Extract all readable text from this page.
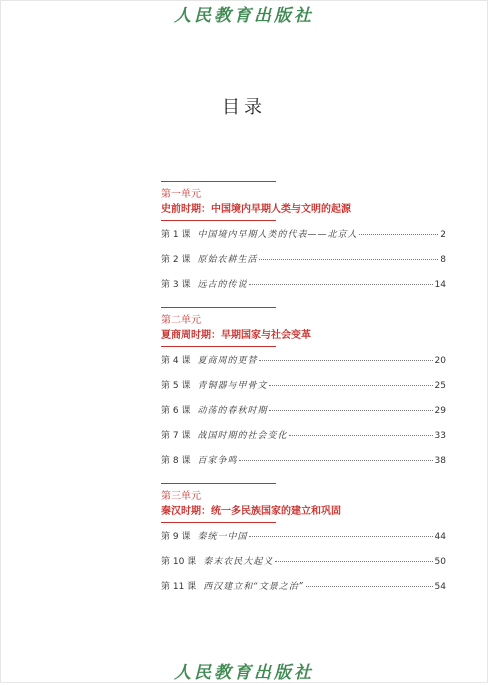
人民教育出版社
目录
第一单元
史前时期：中国境内早期人类与文明的起源
第 1 课 中国境内早期人类的代表——北京人	2
第 2 课 原始农耕生活	8
第 3 课 远古的传说	14
第二单元
夏商周时期：早期国家与社会变革
第 4 课 夏商周的更替	20
第 5 课 青铜器与甲骨文	25
第 6 课 动荡的春秋时期	29
第 7 课 战国时期的社会变化	33
第 8 课 百家争鸣	38
第三单元
秦汉时期：统一多民族国家的建立和巩固
第 9 课 秦统一中国	44
第 10 课 秦末农民大起义	50
第 11 课 西汉建立和“文景之治”	54
人民教育出版社
